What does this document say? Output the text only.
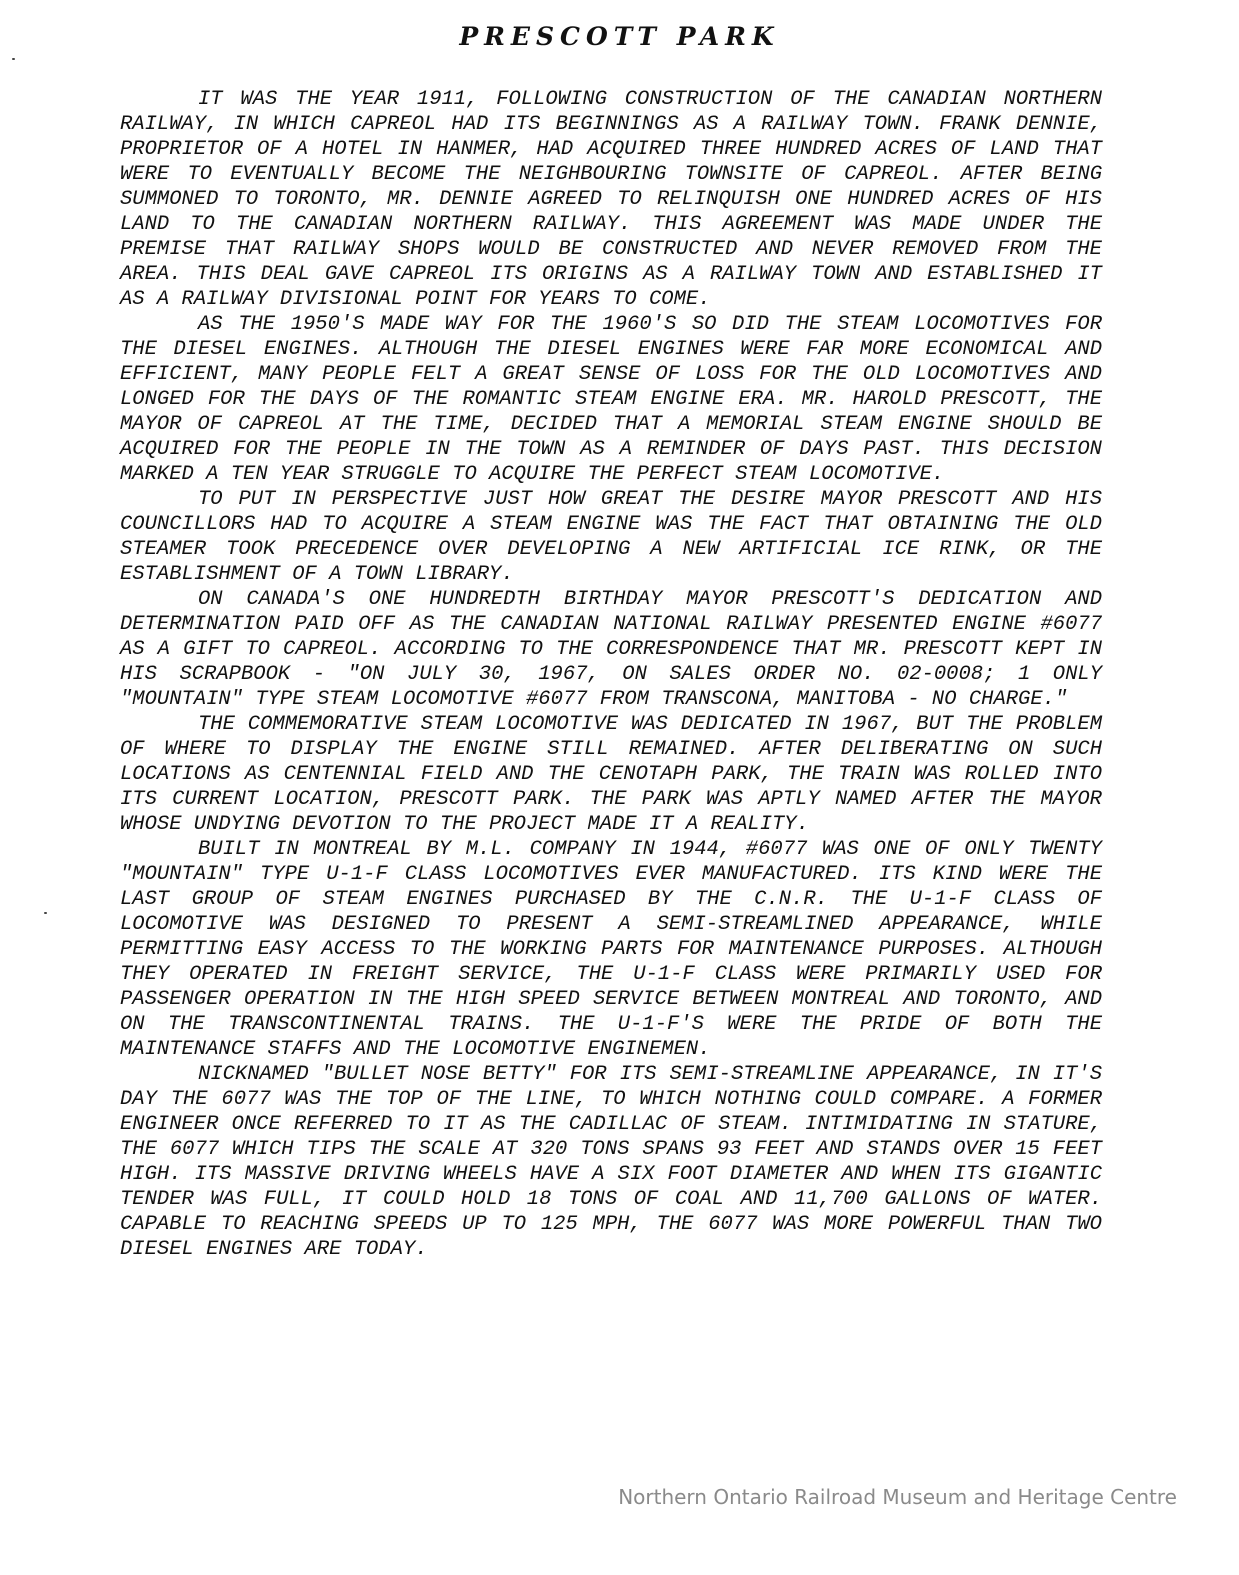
PRESCOTT PARK

IT WAS THE YEAR 1911, FOLLOWING CONSTRUCTION OF THE CANADIAN NORTHERN RAILWAY, IN WHICH CAPREOL HAD ITS BEGINNINGS AS A RAILWAY TOWN. FRANK DENNIE, PROPRIETOR OF A HOTEL IN HANMER, HAD ACQUIRED THREE HUNDRED ACRES OF LAND THAT WERE TO EVENTUALLY BECOME THE NEIGHBOURING TOWNSITE OF CAPREOL. AFTER BEING SUMMONED TO TORONTO, MR. DENNIE AGREED TO RELINQUISH ONE HUNDRED ACRES OF HIS LAND TO THE CANADIAN NORTHERN RAILWAY. THIS AGREEMENT WAS MADE UNDER THE PREMISE THAT RAILWAY SHOPS WOULD BE CONSTRUCTED AND NEVER REMOVED FROM THE AREA. THIS DEAL GAVE CAPREOL ITS ORIGINS AS A RAILWAY TOWN AND ESTABLISHED IT AS A RAILWAY DIVISIONAL POINT FOR YEARS TO COME.

AS THE 1950'S MADE WAY FOR THE 1960'S SO DID THE STEAM LOCOMOTIVES FOR THE DIESEL ENGINES. ALTHOUGH THE DIESEL ENGINES WERE FAR MORE ECONOMICAL AND EFFICIENT, MANY PEOPLE FELT A GREAT SENSE OF LOSS FOR THE OLD LOCOMOTIVES AND LONGED FOR THE DAYS OF THE ROMANTIC STEAM ENGINE ERA. MR. HAROLD PRESCOTT, THE MAYOR OF CAPREOL AT THE TIME, DECIDED THAT A MEMORIAL STEAM ENGINE SHOULD BE ACQUIRED FOR THE PEOPLE IN THE TOWN AS A REMINDER OF DAYS PAST. THIS DECISION MARKED A TEN YEAR STRUGGLE TO ACQUIRE THE PERFECT STEAM LOCOMOTIVE.

TO PUT IN PERSPECTIVE JUST HOW GREAT THE DESIRE MAYOR PRESCOTT AND HIS COUNCILLORS HAD TO ACQUIRE A STEAM ENGINE WAS THE FACT THAT OBTAINING THE OLD STEAMER TOOK PRECEDENCE OVER DEVELOPING A NEW ARTIFICIAL ICE RINK, OR THE ESTABLISHMENT OF A TOWN LIBRARY.

ON CANADA'S ONE HUNDREDTH BIRTHDAY MAYOR PRESCOTT'S DEDICATION AND DETERMINATION PAID OFF AS THE CANADIAN NATIONAL RAILWAY PRESENTED ENGINE #6077 AS A GIFT TO CAPREOL. ACCORDING TO THE CORRESPONDENCE THAT MR. PRESCOTT KEPT IN HIS SCRAPBOOK - "ON JULY 30, 1967, ON SALES ORDER NO. 02-0008; 1 ONLY "MOUNTAIN" TYPE STEAM LOCOMOTIVE #6077 FROM TRANSCONA, MANITOBA - NO CHARGE."

THE COMMEMORATIVE STEAM LOCOMOTIVE WAS DEDICATED IN 1967, BUT THE PROBLEM OF WHERE TO DISPLAY THE ENGINE STILL REMAINED. AFTER DELIBERATING ON SUCH LOCATIONS AS CENTENNIAL FIELD AND THE CENOTAPH PARK, THE TRAIN WAS ROLLED INTO ITS CURRENT LOCATION, PRESCOTT PARK. THE PARK WAS APTLY NAMED AFTER THE MAYOR WHOSE UNDYING DEVOTION TO THE PROJECT MADE IT A REALITY.

BUILT IN MONTREAL BY M.L. COMPANY IN 1944, #6077 WAS ONE OF ONLY TWENTY "MOUNTAIN" TYPE U-1-F CLASS LOCOMOTIVES EVER MANUFACTURED. ITS KIND WERE THE LAST GROUP OF STEAM ENGINES PURCHASED BY THE C.N.R. THE U-1-F CLASS OF LOCOMOTIVE WAS DESIGNED TO PRESENT A SEMI-STREAMLINED APPEARANCE, WHILE PERMITTING EASY ACCESS TO THE WORKING PARTS FOR MAINTENANCE PURPOSES. ALTHOUGH THEY OPERATED IN FREIGHT SERVICE, THE U-1-F CLASS WERE PRIMARILY USED FOR PASSENGER OPERATION IN THE HIGH SPEED SERVICE BETWEEN MONTREAL AND TORONTO, AND ON THE TRANSCONTINENTAL TRAINS. THE U-1-F'S WERE THE PRIDE OF BOTH THE MAINTENANCE STAFFS AND THE LOCOMOTIVE ENGINEMEN.

NICKNAMED "BULLET NOSE BETTY" FOR ITS SEMI-STREAMLINE APPEARANCE, IN IT'S DAY THE 6077 WAS THE TOP OF THE LINE, TO WHICH NOTHING COULD COMPARE. A FORMER ENGINEER ONCE REFERRED TO IT AS THE CADILLAC OF STEAM. INTIMIDATING IN STATURE, THE 6077 WHICH TIPS THE SCALE AT 320 TONS SPANS 93 FEET AND STANDS OVER 15 FEET HIGH. ITS MASSIVE DRIVING WHEELS HAVE A SIX FOOT DIAMETER AND WHEN ITS GIGANTIC TENDER WAS FULL, IT COULD HOLD 18 TONS OF COAL AND 11,700 GALLONS OF WATER. CAPABLE TO REACHING SPEEDS UP TO 125 MPH, THE 6077 WAS MORE POWERFUL THAN TWO DIESEL ENGINES ARE TODAY.

Northern Ontario Railroad Museum and Heritage Centre
